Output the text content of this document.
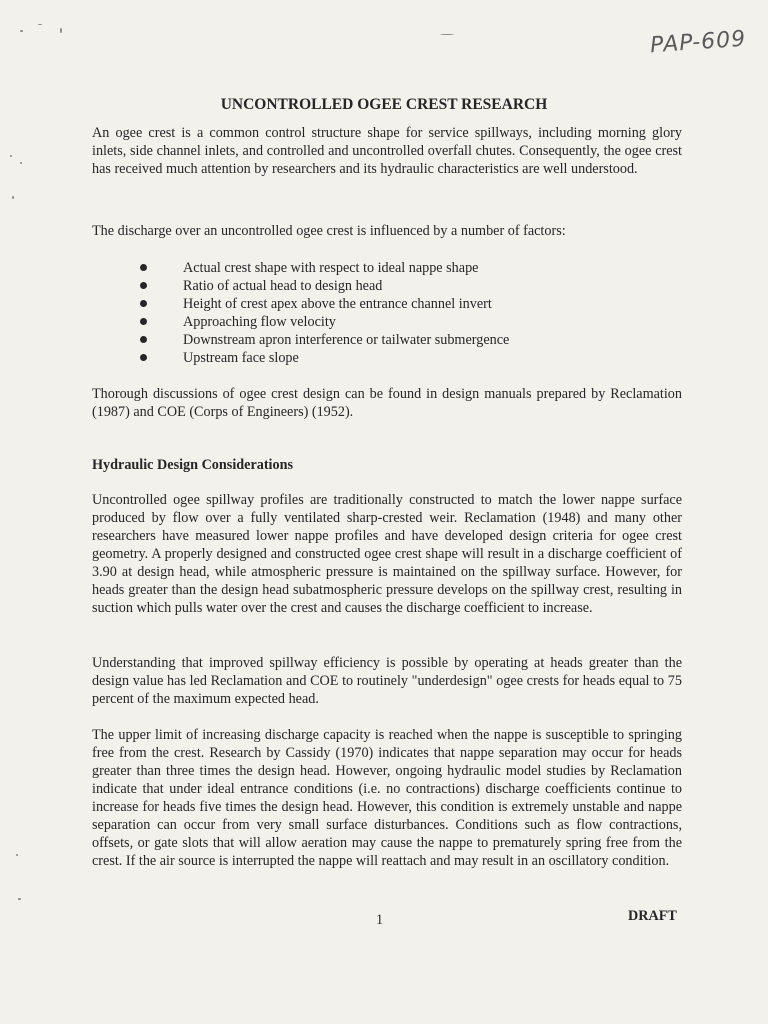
PAP-609
UNCONTROLLED OGEE CREST RESEARCH

An ogee crest is a common control structure shape for service spillways, including morning glory inlets, side channel inlets, and controlled and uncontrolled overfall chutes. Consequently, the ogee crest has received much attention by researchers and its hydraulic characteristics are well understood.

The discharge over an uncontrolled ogee crest is influenced by a number of factors:

Actual crest shape with respect to ideal nappe shape
Ratio of actual head to design head
Height of crest apex above the entrance channel invert
Approaching flow velocity
Downstream apron interference or tailwater submergence
Upstream face slope

Thorough discussions of ogee crest design can be found in design manuals prepared by Reclamation (1987) and COE (Corps of Engineers) (1952).

Hydraulic Design Considerations

Uncontrolled ogee spillway profiles are traditionally constructed to match the lower nappe surface produced by flow over a fully ventilated sharp-crested weir. Reclamation (1948) and many other researchers have measured lower nappe profiles and have developed design criteria for ogee crest geometry. A properly designed and constructed ogee crest shape will result in a discharge coefficient of 3.90 at design head, while atmospheric pressure is maintained on the spillway surface. However, for heads greater than the design head subatmospheric pressure develops on the spillway crest, resulting in suction which pulls water over the crest and causes the discharge coefficient to increase.

Understanding that improved spillway efficiency is possible by operating at heads greater than the design value has led Reclamation and COE to routinely "underdesign" ogee crests for heads equal to 75 percent of the maximum expected head.

The upper limit of increasing discharge capacity is reached when the nappe is susceptible to springing free from the crest. Research by Cassidy (1970) indicates that nappe separation may occur for heads greater than three times the design head. However, ongoing hydraulic model studies by Reclamation indicate that under ideal entrance conditions (i.e. no contractions) discharge coefficients continue to increase for heads five times the design head. However, this condition is extremely unstable and nappe separation can occur from very small surface disturbances. Conditions such as flow contractions, offsets, or gate slots that will allow aeration may cause the nappe to prematurely spring free from the crest. If the air source is interrupted the nappe will reattach and may result in an oscillatory condition.

1	DRAFT
